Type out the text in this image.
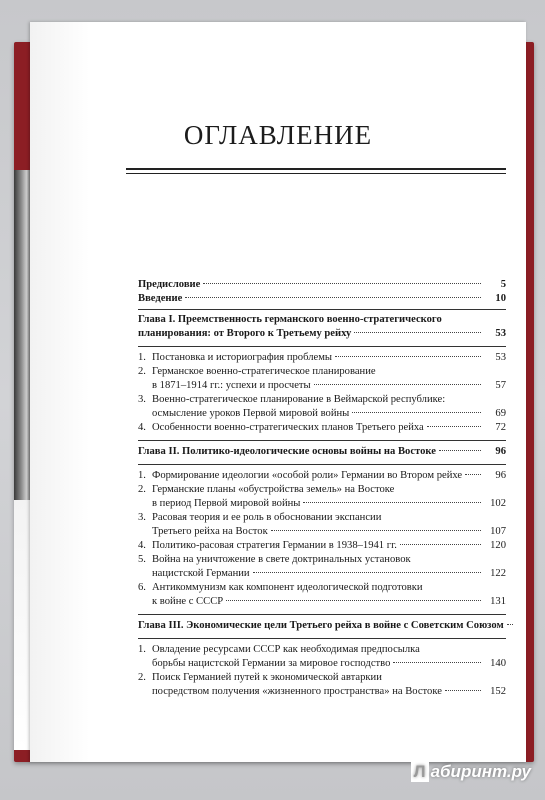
ОГЛАВЛЕНИЕ
Предисловие	5
Введение	10
Глава I. Преемственность германского военно-стратегического
планирования: от Второго к Третьему рейху	53
1. Постановка и историография проблемы	53
2. Германское военно-стратегическое планирование
в 1871–1914 гг.: успехи и просчеты	57
3. Военно-стратегическое планирование в Веймарской республике:
осмысление уроков Первой мировой войны	69
4. Особенности военно-стратегических планов Третьего рейха	72
Глава II. Политико-идеологические основы войны на Востоке	96
1. Формирование идеологии «особой роли» Германии во Втором рейхе	96
2. Германские планы «обустройства земель» на Востоке
в период Первой мировой войны	102
3. Расовая теория и ее роль в обосновании экспансии
Третьего рейха на Восток	107
4. Политико-расовая стратегия Германии в 1938–1941 гг.	120
5. Война на уничтожение в свете доктринальных установок
нацистской Германии	122
6. Антикоммунизм как компонент идеологической подготовки
к войне с СССР	131
Глава III. Экономические цели Третьего рейха в войне с Советским Союзом
1. Овладение ресурсами СССР как необходимая предпосылка
борьбы нацистской Германии за мировое господство	140
2. Поиск Германией путей к экономической автаркии
посредством получения «жизненного пространства» на Востоке	152
Л абиринт.ру
